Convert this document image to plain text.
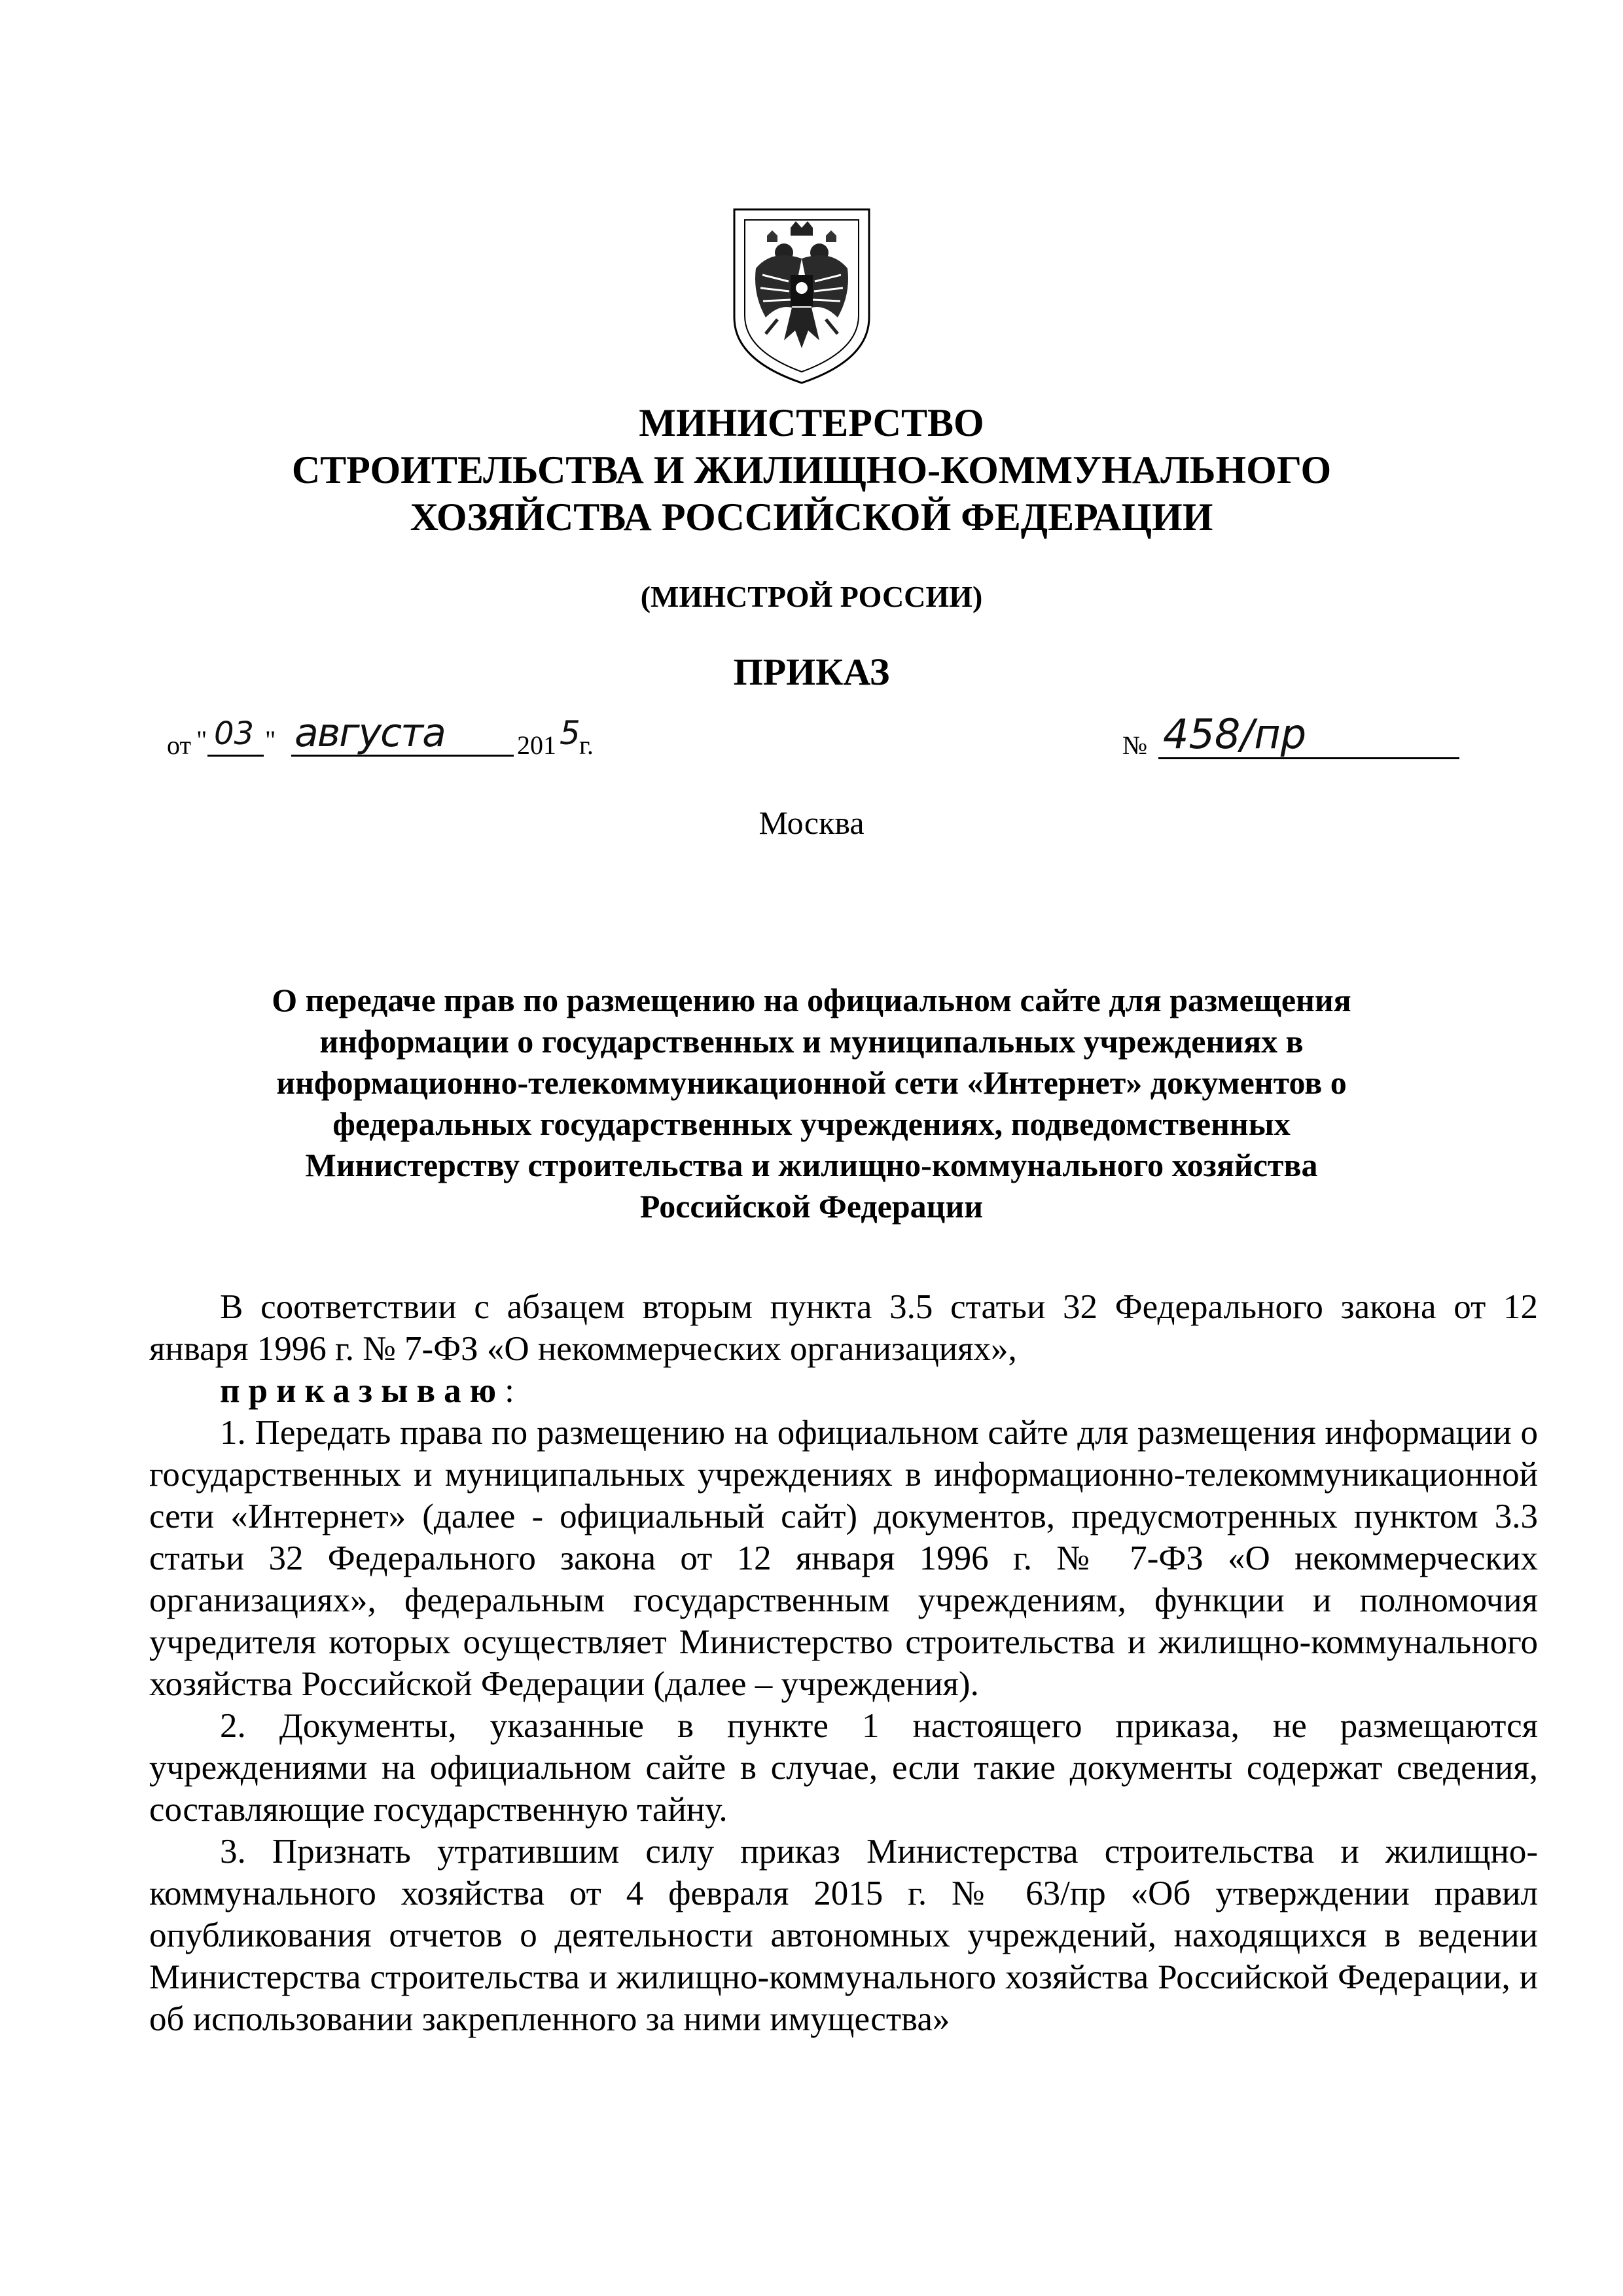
МИНИСТЕРСТВО
СТРОИТЕЛЬСТВА И ЖИЛИЩНО-КОММУНАЛЬНОГО
ХОЗЯЙСТВА РОССИЙСКОЙ ФЕДЕРАЦИИ
(МИНСТРОЙ РОССИИ)
ПРИКАЗ
от " 03 " августа	201 5
г.	№ 458/пр
Москва
О передаче прав по размещению на официальном сайте для размещения
информации о государственных и муниципальных учреждениях в
информационно-телекоммуникационной сети «Интернет» документов о
федеральных государственных учреждениях, подведомственных
Министерству строительства и жилищно-коммунального хозяйства
Российской Федерации

В соответствии с абзацем вторым пункта 3.5 статьи 32 Федерального закона от 12 января 1996 г. № 7-ФЗ «О некоммерческих организациях»,

приказываю:

1. Передать права по размещению на официальном сайте для размещения информации о государственных и муниципальных учреждениях в информационно-телекоммуникационной сети «Интернет» (далее - официальный сайт) документов, предусмотренных пунктом 3.3 статьи 32 Федерального закона от 12 января 1996 г. № 7-ФЗ «О некоммерческих организациях», федеральным государственным учреждениям, функции и полномочия учредителя которых осуществляет Министерство строительства и жилищно-коммунального хозяйства Российской Федерации (далее – учреждения).

2. Документы, указанные в пункте 1 настоящего приказа, не размещаются учреждениями на официальном сайте в случае, если такие документы содержат сведения, составляющие государственную тайну.

3. Признать утратившим силу приказ Министерства строительства и жилищно-коммунального хозяйства от 4 февраля 2015 г. № 63/пр «Об утверждении правил опубликования отчетов о деятельности автономных учреждений, находящихся в ведении Министерства строительства и жилищно-коммунального хозяйства Российской Федерации, и об использовании закрепленного за ними имущества»
